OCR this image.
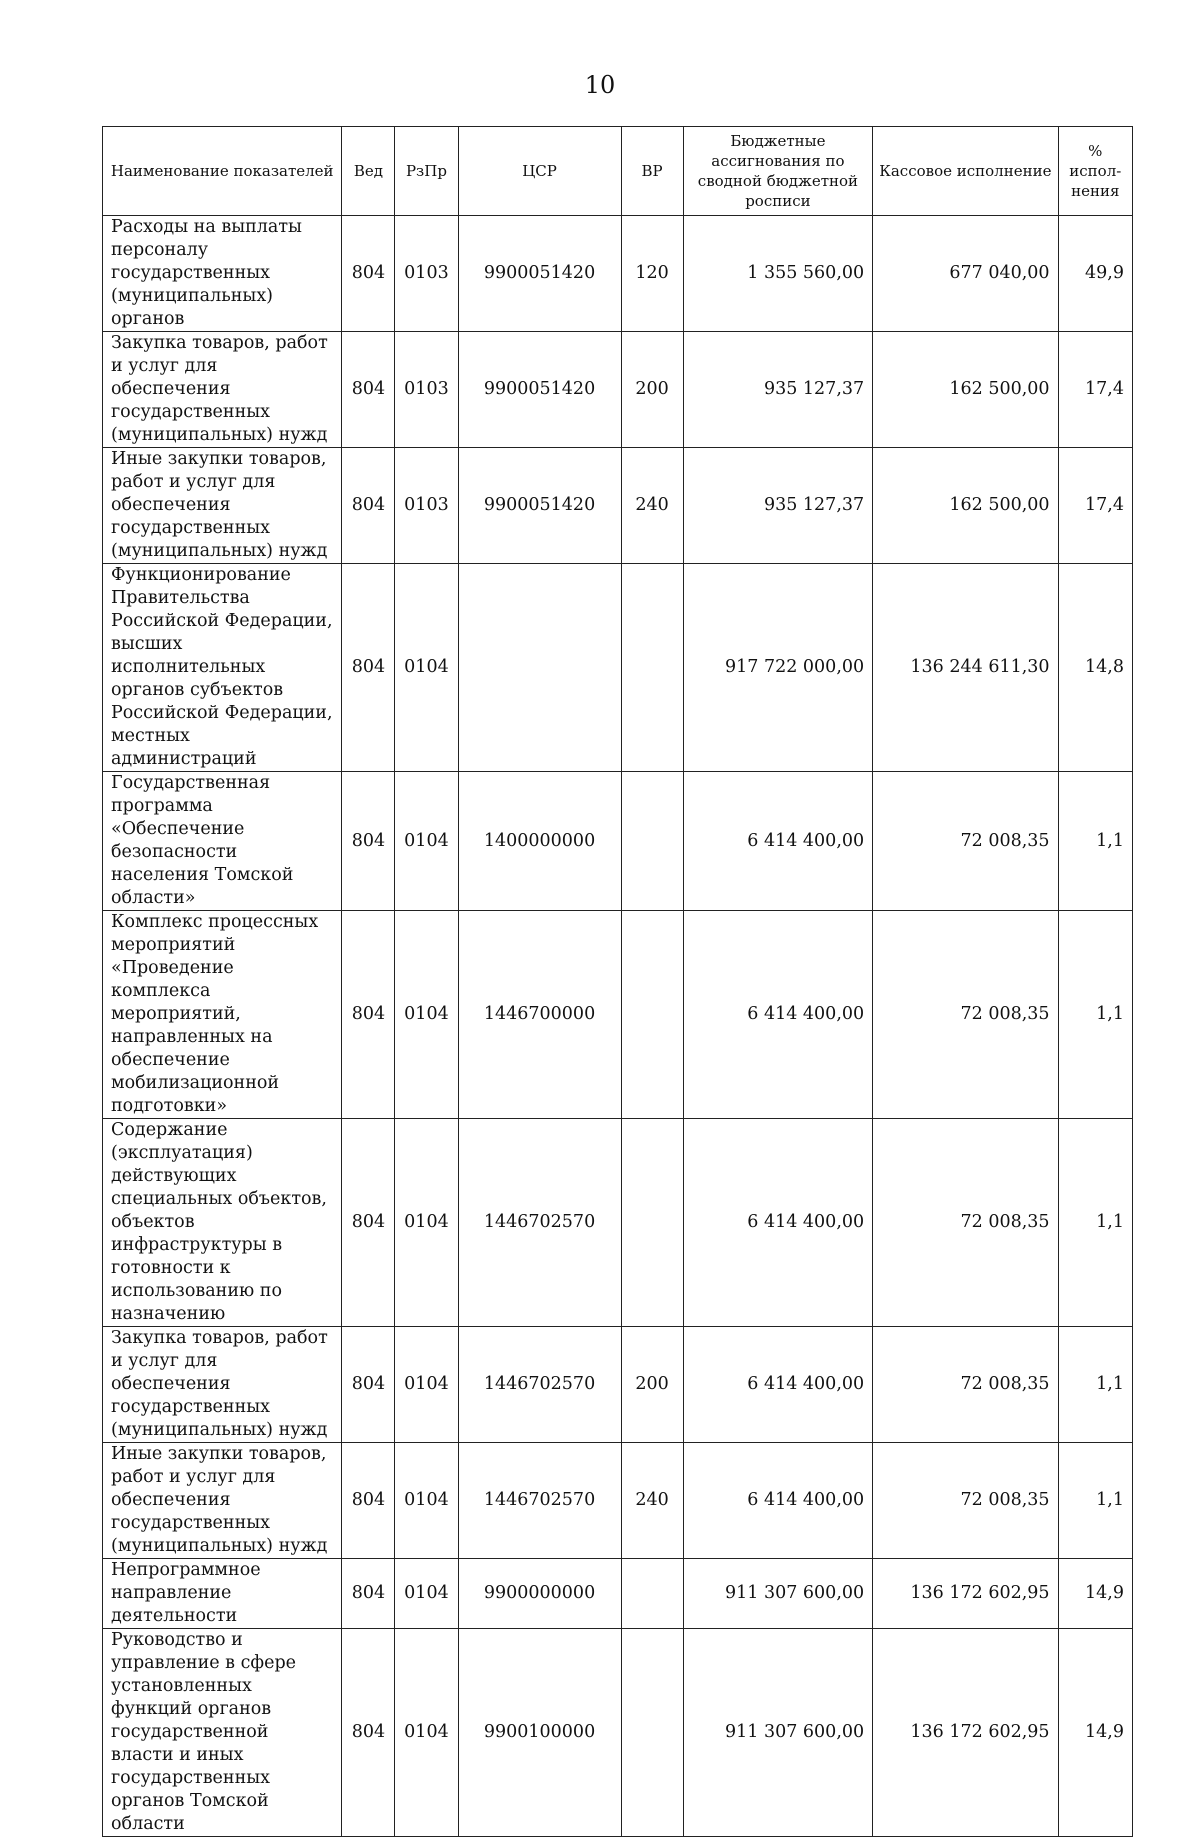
10
Наименование показателей	Вед	РзПр	ЦСР	ВР	Бюджетные ассигнования по сводной бюджетной росписи	Кассовое исполнение	% испол-нения
Расходы на выплаты персоналу государственных (муниципальных) органов	804	0103	9900051420	120	1 355 560,00	677 040,00	49,9
Закупка товаров, работ и услуг для обеспечения государственных (муниципальных) нужд	804	0103	9900051420	200	935 127,37	162 500,00	17,4
Иные закупки товаров, работ и услуг для обеспечения государственных (муниципальных) нужд	804	0103	9900051420	240	935 127,37	162 500,00	17,4
Функционирование Правительства Российской Федерации, высших исполнительных органов субъектов Российской Федерации, местных администраций	804	0104			917 722 000,00	136 244 611,30	14,8
Государственная программа «Обеспечение безопасности населения Томской области»	804	0104	1400000000		6 414 400,00	72 008,35	1,1
Комплекс процессных мероприятий «Проведение комплекса мероприятий, направленных на обеспечение мобилизационной подготовки»	804	0104	1446700000		6 414 400,00	72 008,35	1,1
Содержание (эксплуатация) действующих специальных объектов, объектов инфраструктуры в готовности к использованию по назначению	804	0104	1446702570		6 414 400,00	72 008,35	1,1
Закупка товаров, работ и услуг для обеспечения государственных (муниципальных) нужд	804	0104	1446702570	200	6 414 400,00	72 008,35	1,1
Иные закупки товаров, работ и услуг для обеспечения государственных (муниципальных) нужд	804	0104	1446702570	240	6 414 400,00	72 008,35	1,1
Непрограммное направление деятельности	804	0104	9900000000		911 307 600,00	136 172 602,95	14,9
Руководство и управление в сфере установленных функций органов государственной власти и иных государственных органов Томской области	804	0104	9900100000		911 307 600,00	136 172 602,95	14,9
